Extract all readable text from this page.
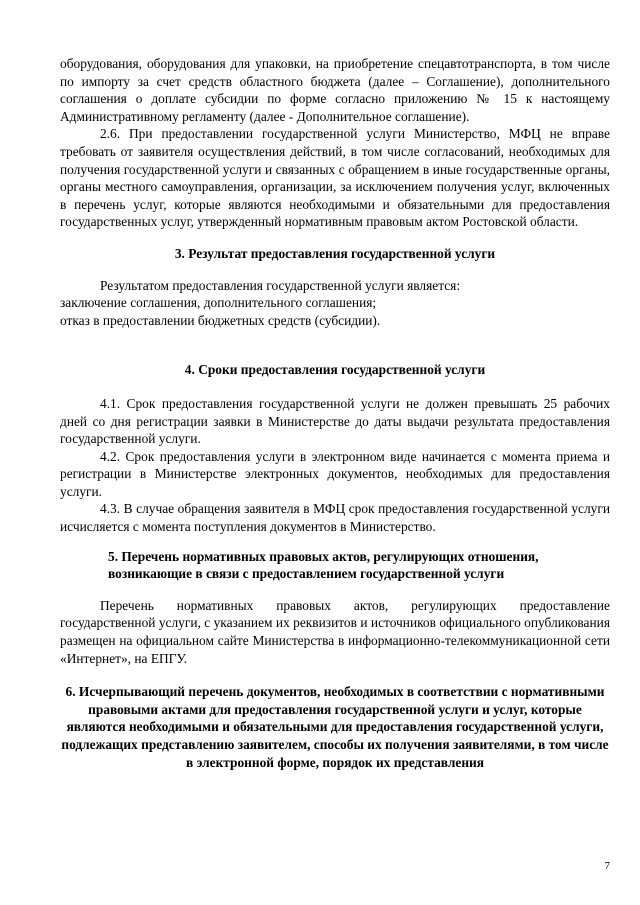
оборудования, оборудования для упаковки, на приобретение спецавтотранспорта, в том числе по импорту за счет средств областного бюджета (далее – Соглашение), дополнительного соглашения о доплате субсидии по форме согласно приложению № 15 к настоящему Административному регламенту (далее - Дополнительное соглашение).

2.6. При предоставлении государственной услуги Министерство, МФЦ не вправе требовать от заявителя осуществления действий, в том числе согласований, необходимых для получения государственной услуги и связанных с обращением в иные государственные органы, органы местного самоуправления, организации, за исключением получения услуг, включенных в перечень услуг, которые являются необходимыми и обязательными для предоставления государственных услуг, утвержденный нормативным правовым актом Ростовской области.

3. Результат предоставления государственной услуги

Результатом предоставления государственной услуги является:

заключение соглашения, дополнительного соглашения;

отказ в предоставлении бюджетных средств (субсидии).

4. Сроки предоставления государственной услуги

4.1. Срок предоставления государственной услуги не должен превышать 25 рабочих дней со дня регистрации заявки в Министерстве до даты выдачи результата предоставления государственной услуги.

4.2. Срок предоставления услуги в электронном виде начинается с момента приема и регистрации в Министерстве электронных документов, необходимых для предоставления услуги.

4.3. В случае обращения заявителя в МФЦ срок предоставления государственной услуги исчисляется с момента поступления документов в Министерство.

5. Перечень нормативных правовых актов, регулирующих отношения, возникающие в связи с предоставлением государственной услуги

Перечень нормативных правовых актов, регулирующих предоставление государственной услуги, с указанием их реквизитов и источников официального опубликования размещен на официальном сайте Министерства в информационно-телекоммуникационной сети «Интернет», на ЕПГУ.

6. Исчерпывающий перечень документов, необходимых в соответствии с нормативными правовыми актами для предоставления государственной услуги и услуг, которые являются необходимыми и обязательными для предоставления государственной услуги, подлежащих представлению заявителем, способы их получения заявителями, в том числе в электронной форме, порядок их представления
7
